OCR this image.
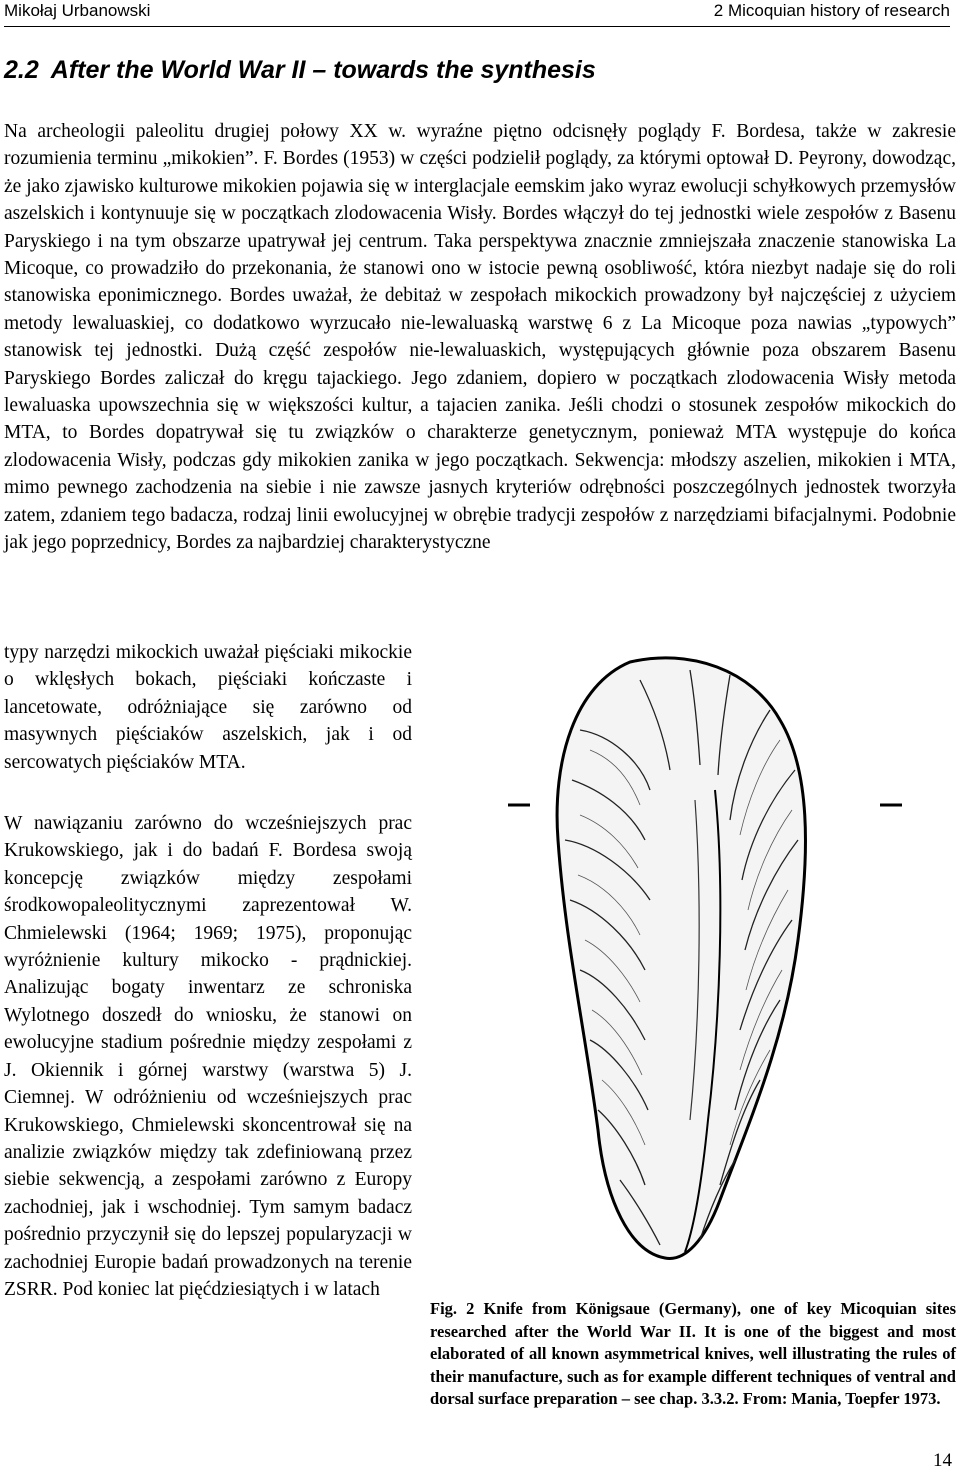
Mikołaj Urbanowski	2 Micoquian history of research
2.2 After the World War II – towards the synthesis

Na archeologii paleolitu drugiej połowy XX w. wyraźne piętno odcisnęły poglądy F. Bordesa, także w zakresie rozumienia terminu „mikokien”. F. Bordes (1953) w części podzielił poglądy, za którymi optował D. Peyrony, dowodząc, że jako zjawisko kulturowe mikokien pojawia się w interglacjale eemskim jako wyraz ewolucji schyłkowych przemysłów aszelskich i kontynuuje się w początkach zlodowacenia Wisły. Bordes włączył do tej jednostki wiele zespołów z Basenu Paryskiego i na tym obszarze upatrywał jej centrum. Taka perspektywa znacznie zmniejszała znaczenie stanowiska La Micoque, co prowadziło do przekonania, że stanowi ono w istocie pewną osobliwość, która niezbyt nadaje się do roli stanowiska eponimicznego. Bordes uważał, że debitaż w zespołach mikockich prowadzony był najczęściej z użyciem metody lewaluaskiej, co dodatkowo wyrzucało nie-lewaluaską warstwę 6 z La Micoque poza nawias „typowych” stanowisk tej jednostki. Dużą część zespołów nie-lewaluaskich, występujących głównie poza obszarem Basenu Paryskiego Bordes zaliczał do kręgu tajackiego. Jego zdaniem, dopiero w początkach zlodowacenia Wisły metoda lewaluaska upowszechnia się w większości kultur, a tajacien zanika. Jeśli chodzi o stosunek zespołów mikockich do MTA, to Bordes dopatrywał się tu związków o charakterze genetycznym, ponieważ MTA występuje do końca zlodowacenia Wisły, podczas gdy mikokien zanika w jego początkach. Sekwencja: młodszy aszelien, mikokien i MTA, mimo pewnego zachodzenia na siebie i nie zawsze jasnych kryteriów odrębności poszczególnych jednostek tworzyła zatem, zdaniem tego badacza, rodzaj linii ewolucyjnej w obrębie tradycji zespołów z narzędziami bifacjalnymi. Podobnie jak jego poprzednicy, Bordes za najbardziej charakterystyczne

typy narzędzi mikockich uważał pięściaki mikockie o wklęsłych bokach, pięściaki kończaste i lancetowate, odróżniające się zarówno od masywnych pięściaków aszelskich, jak i od sercowatych pięściaków MTA.

W nawiązaniu zarówno do wcześniejszych prac Krukowskiego, jak i do badań F. Bordesa swoją koncepcję związków między zespołami środkowopaleolitycznymi zaprezentował W. Chmielewski (1964; 1969; 1975), proponując wyróżnienie kultury mikocko - prądnickiej. Analizując bogaty inwentarz ze schroniska Wylotnego doszedł do wniosku, że stanowi on ewolucyjne stadium pośrednie między zespołami z J. Okiennik i górnej warstwy (warstwa 5) J. Ciemnej. W odróżnieniu od wcześniejszych prac Krukowskiego, Chmielewski skoncentrował się na analizie związków między tak zdefiniowaną przez siebie sekwencją, a zespołami zarówno z Europy zachodniej, jak i wschodniej. Tym samym badacz pośrednio przyczynił się do lepszej popularyzacji w zachodniej Europie badań prowadzonych na terenie ZSRR. Pod koniec lat pięćdziesiątych i w latach

Fig. 2 Knife from Königsaue (Germany), one of key Micoquian sites researched after the World War II. It is one of the biggest and most elaborated of all known asymmetrical knives, well illustrating the rules of their manufacture, such as for example different techniques of ventral and dorsal surface preparation – see chap. 3.3.2. From: Mania, Toepfer 1973.

14
